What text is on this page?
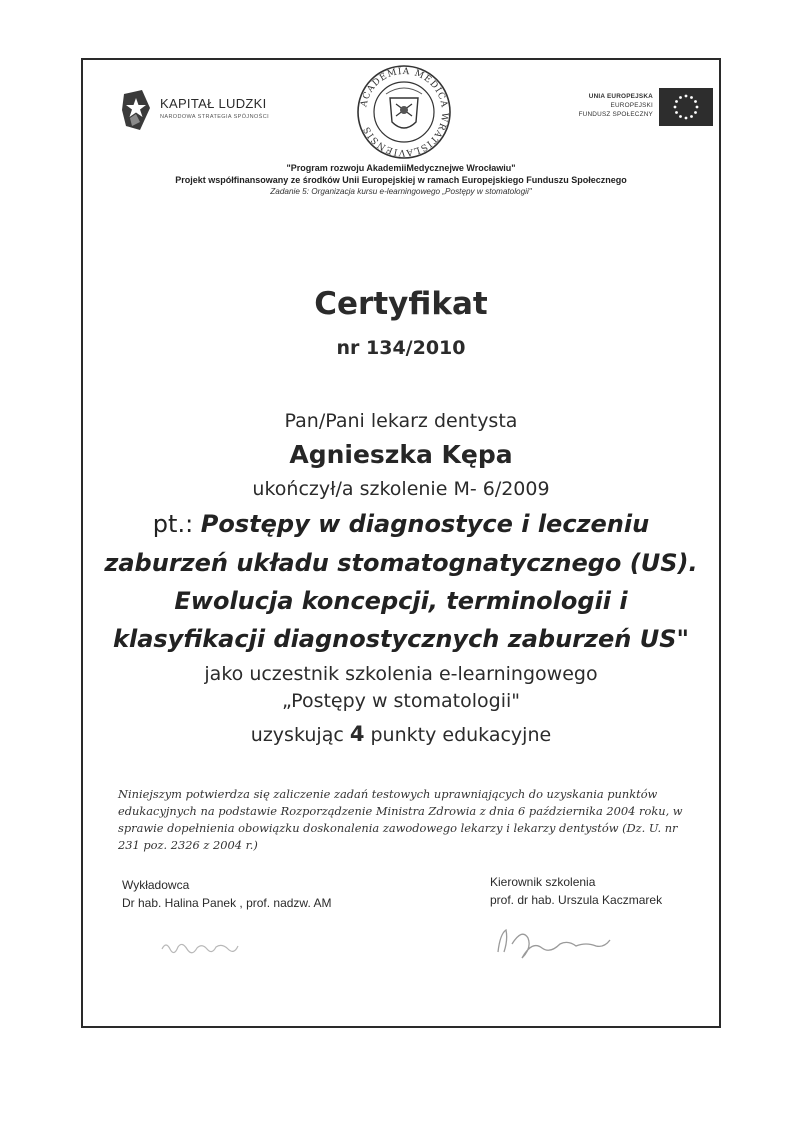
KAPITAŁ LUDZKI
NARODOWA STRATEGIA SPÓJNOŚCI
ACADEMIA MEDICA WRATISLAVIENSIS
UNIA EUROPEJSKA
EUROPEJSKI
FUNDUSZ SPOŁECZNY
"Program rozwoju AkademiiMedycznejwe Wrocławiu"
Projekt współfinansowany ze środków Unii Europejskiej w ramach Europejskiego Funduszu Społecznego
Zadanie 5: Organizacja kursu e-learningowego „Postępy w stomatologii"
Certyfikat
nr 134/2010
Pan/Pani lekarz dentysta
Agnieszka Kępa
ukończył/a szkolenie M- 6/2009
pt.: Postępy w diagnostyce i leczeniu
zaburzeń układu stomatognatycznego (US).
Ewolucja koncepcji, terminologii i
klasyfikacji diagnostycznych zaburzeń US"
jako uczestnik szkolenia e-learningowego
„Postępy w stomatologii"
uzyskując 4 punkty edukacyjne
Niniejszym potwierdza się zaliczenie zadań testowych uprawniających do uzyskania punktów edukacyjnych na podstawie Rozporządzenie Ministra Zdrowia z dnia 6 października 2004 roku, w sprawie dopełnienia obowiązku doskonalenia zawodowego lekarzy i lekarzy dentystów (Dz. U. nr 231 poz. 2326 z 2004 r.)
Wykładowca
Dr hab. Halina Panek , prof. nadzw. AM
Kierownik szkolenia
prof. dr hab. Urszula Kaczmarek
